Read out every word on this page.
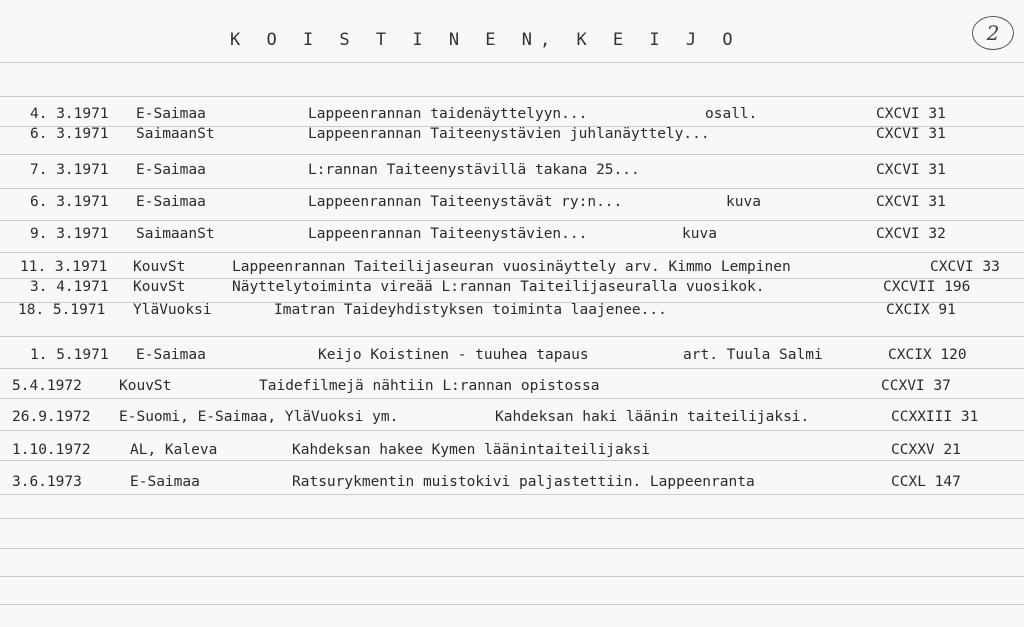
K O I S T I N E N, K E I J O	2
4. 3.1971 E-Saimaa	Lappeenrannan taidenäyttelyyn...	osall.	CXCVI 31
6. 3.1971 SaimaanSt	Lappeenrannan Taiteenystävien juhlanäyttely...	CXCVI 31
7. 3.1971 E-Saimaa	L:rannan Taiteenystävillä takana 25...	CXCVI 31
6. 3.1971 E-Saimaa	Lappeenrannan Taiteenystävät ry:n...	kuva	CXCVI 31
9. 3.1971 SaimaanSt	Lappeenrannan Taiteenystävien...	kuva	CXCVI 32
11. 3.1971 KouvSt	Lappeenrannan Taiteilijaseuran vuosinäyttely arv. Kimmo Lempinen	CXCVI 33
3. 4.1971 KouvSt	Näyttelytoiminta vireää L:rannan Taiteilijaseuralla vuosikok.	CXCVII 196
18. 5.1971 YläVuoksi	Imatran Taideyhdistyksen toiminta laajenee...	CXCIX 91
1. 5.1971 E-Saimaa	Keijo Koistinen - tuuhea tapaus	art. Tuula Salmi	CXCIX 120
5.4.1972	KouvSt	Taidefilmejä nähtiin L:rannan opistossa	CCXVI 37
26.9.1972 E-Suomi, E-Saimaa, YläVuoksi ym.	Kahdeksan haki läänin taiteilijaksi.	CCXXIII 31
1.10.1972	AL, Kaleva	Kahdeksan hakee Kymen läänintaiteilijaksi	CCXXV 21
3.6.1973	E-Saimaa	Ratsurykmentin muistokivi paljastettiin. Lappeenranta	CCXL 147
